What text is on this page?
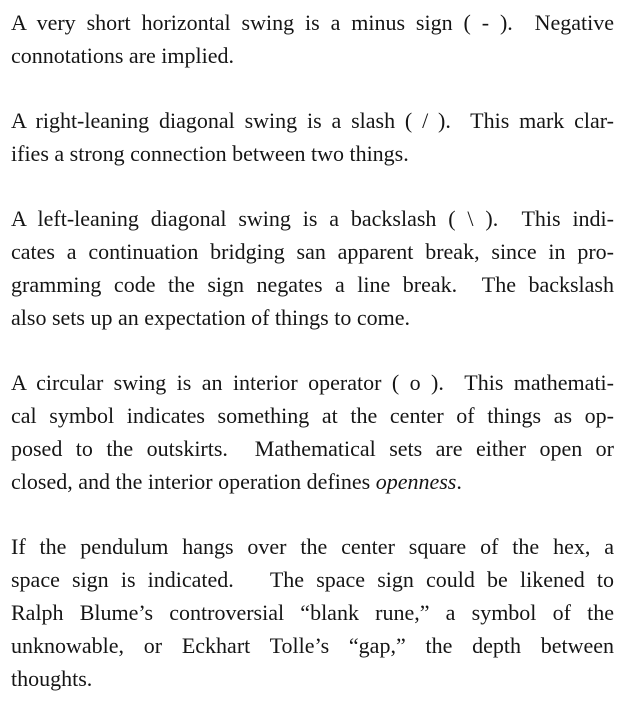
A very short horizontal swing is a minus sign ( - ).  Negative
connotations are implied.

A right-leaning diagonal swing is a slash ( / ).  This mark clar-
ifies a strong connection between two things.

A left-leaning diagonal swing is a backslash ( \ ).  This indi-
cates a continuation bridging san apparent break, since in pro-
gramming code the sign negates a line break.  The backslash
also sets up an expectation of things to come.

A circular swing is an interior operator ( o ).  This mathemati-
cal symbol indicates something at the center of things as op-
posed to the outskirts.  Mathematical sets are either open or
closed, and the interior operation defines openness.

If the pendulum hangs over the center square of the hex, a
space sign is indicated.   The space sign could be likened to
Ralph Blume’s controversial “blank rune,” a symbol of the
unknowable, or Eckhart Tolle’s “gap,” the depth between
thoughts.
